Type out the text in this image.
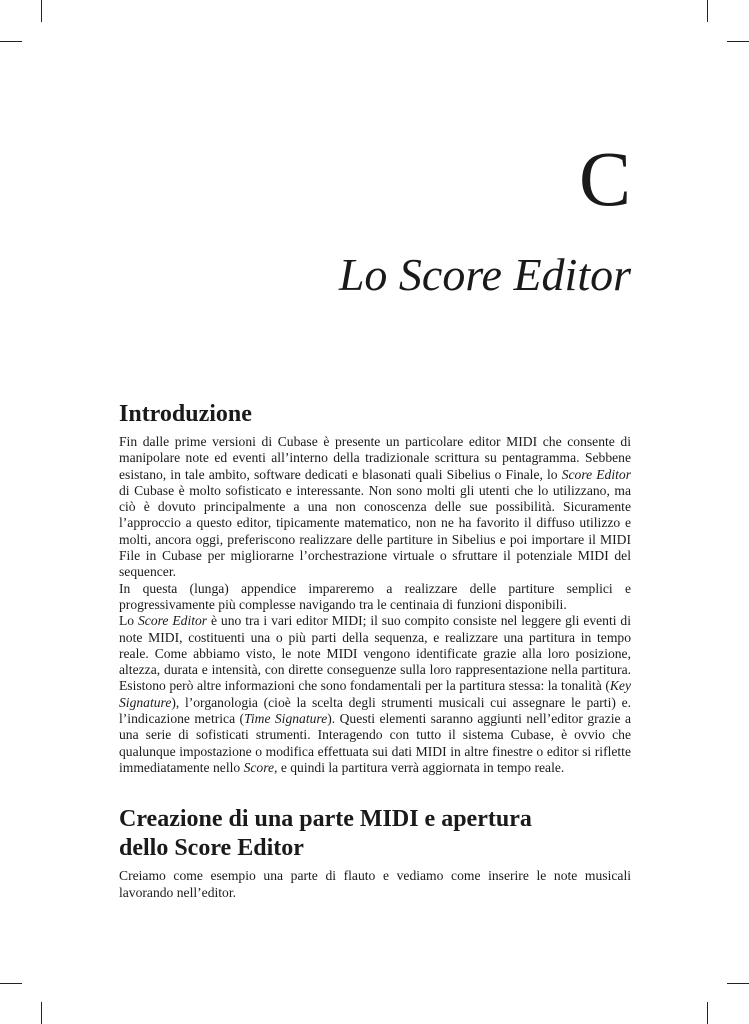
C
Lo Score Editor
Introduzione

Fin dalle prime versioni di Cubase è presente un particolare editor MIDI che consente di manipolare note ed eventi all’interno della tradizionale scrittura su pentagramma. Sebbene esistano, in tale ambito, software dedicati e blasonati quali Sibelius o Finale, lo Score Editor di Cubase è molto sofisticato e interessante. Non sono molti gli utenti che lo utilizzano, ma ciò è dovuto principalmente a una non conoscenza delle sue possibilità. Sicuramente l’approccio a questo editor, tipicamente matematico, non ne ha favorito il diffuso utilizzo e molti, ancora oggi, preferiscono realizzare delle partiture in Sibelius e poi importare il MIDI File in Cubase per migliorarne l’orchestrazione virtuale o sfruttare il potenziale MIDI del sequencer.

In questa (lunga) appendice impareremo a realizzare delle partiture semplici e progressivamente più complesse navigando tra le centinaia di funzioni disponibili.

Lo Score Editor è uno tra i vari editor MIDI; il suo compito consiste nel leggere gli eventi di note MIDI, costituenti una o più parti della sequenza, e realizzare una partitura in tempo reale. Come abbiamo visto, le note MIDI vengono identificate grazie alla loro posizione, altezza, durata e intensità, con dirette conseguenze sulla loro rappresentazione nella partitura. Esistono però altre informazioni che sono fondamentali per la partitura stessa: la tonalità (Key Signature), l’organologia (cioè la scelta degli strumenti musicali cui assegnare le parti) e. l’indicazione metrica (Time Signature). Questi elementi saranno aggiunti nell’editor grazie a una serie di sofisticati strumenti. Interagendo con tutto il sistema Cubase, è ovvio che qualunque impostazione o modifica effettuata sui dati MIDI in altre finestre o editor si riflette immediatamente nello Score, e quindi la partitura verrà aggiornata in tempo reale.

Creazione di una parte MIDI e apertura
dello Score Editor

Creiamo come esempio una parte di flauto e vediamo come inserire le note musicali lavorando nell’editor.
